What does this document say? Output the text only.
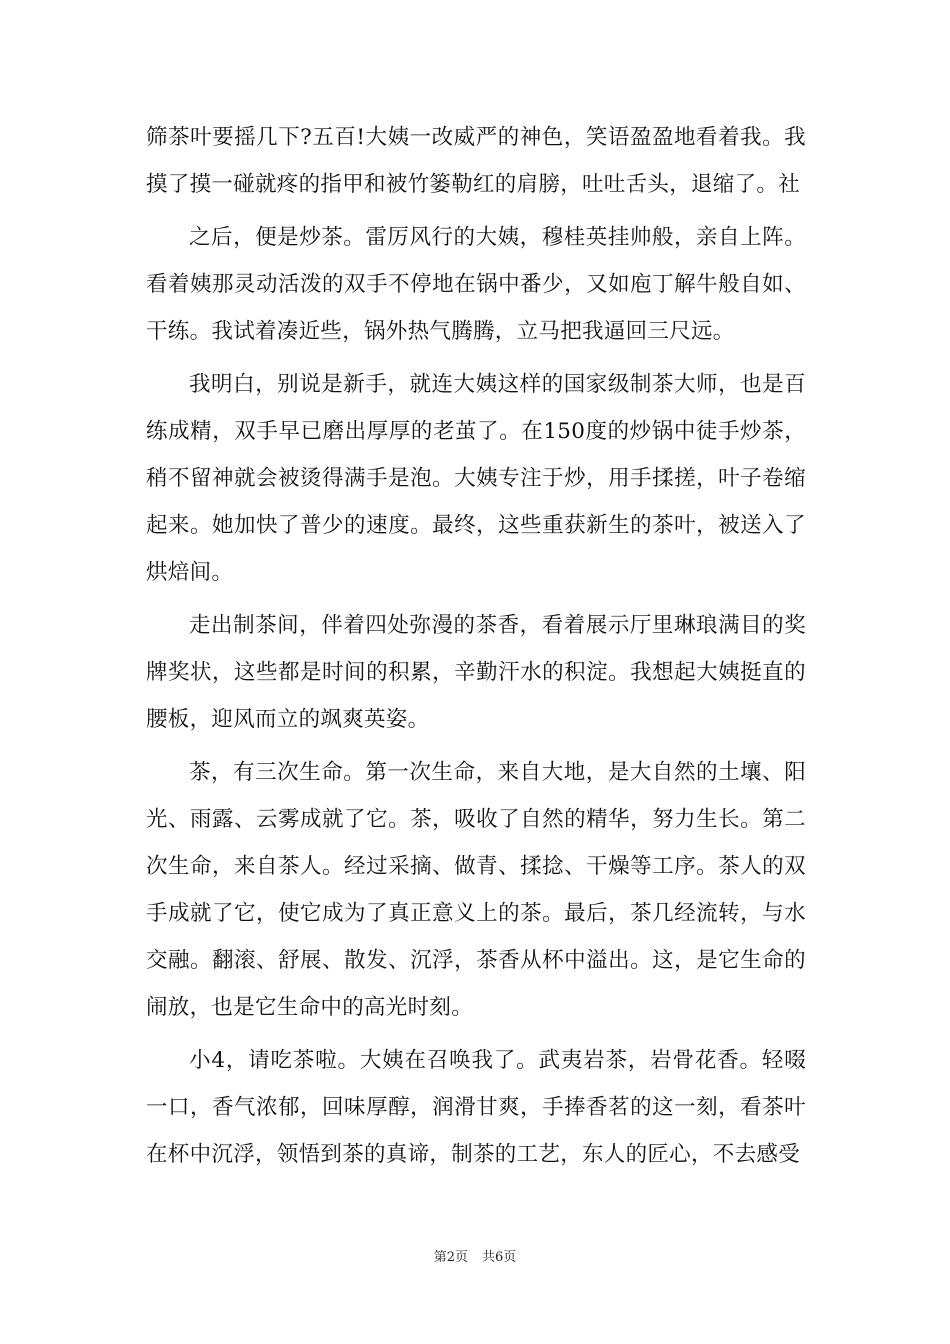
筛茶叶要摇几下?五百!大姨一改威严的神色，笑语盈盈地看着我。我摸了摸一碰就疼的指甲和被竹篓勒红的肩膀，吐吐舌头，退缩了。社

之后，便是炒茶。雷厉风行的大姨，穆桂英挂帅般，亲自上阵。看着姨那灵动活泼的双手不停地在锅中番少，又如庖丁解牛般自如、干练。我试着凑近些，锅外热气腾腾，立马把我逼回三尺远。

我明白，别说是新手，就连大姨这样的国家级制茶大师，也是百练成精，双手早已磨出厚厚的老茧了。在150度的炒锅中徒手炒茶，稍不留神就会被烫得满手是泡。大姨专注于炒，用手揉搓，叶子卷缩起来。她加快了普少的速度。最终，这些重获新生的茶叶，被送入了烘焙间。

走出制茶间，伴着四处弥漫的茶香，看着展示厅里琳琅满目的奖牌奖状，这些都是时间的积累，辛勤汗水的积淀。我想起大姨挺直的腰板，迎风而立的飒爽英姿。

茶，有三次生命。第一次生命，来自大地，是大自然的土壤、阳光、雨露、云雾成就了它。茶，吸收了自然的精华，努力生长。第二次生命，来自茶人。经过采摘、做青、揉捻、干燥等工序。茶人的双手成就了它，使它成为了真正意义上的茶。最后，茶几经流转，与水交融。翻滚、舒展、散发、沉浮，茶香从杯中溢出。这，是它生命的闹放，也是它生命中的高光时刻。

小4，请吃茶啦。大姨在召唤我了。武夷岩茶，岩骨花香。轻啜一口，香气浓郁，回味厚醇，润滑甘爽，手捧香茗的这一刻，看茶叶在杯中沉浮，领悟到茶的真谛，制茶的工艺，东人的匠心，不去感受

第2页 共6页
